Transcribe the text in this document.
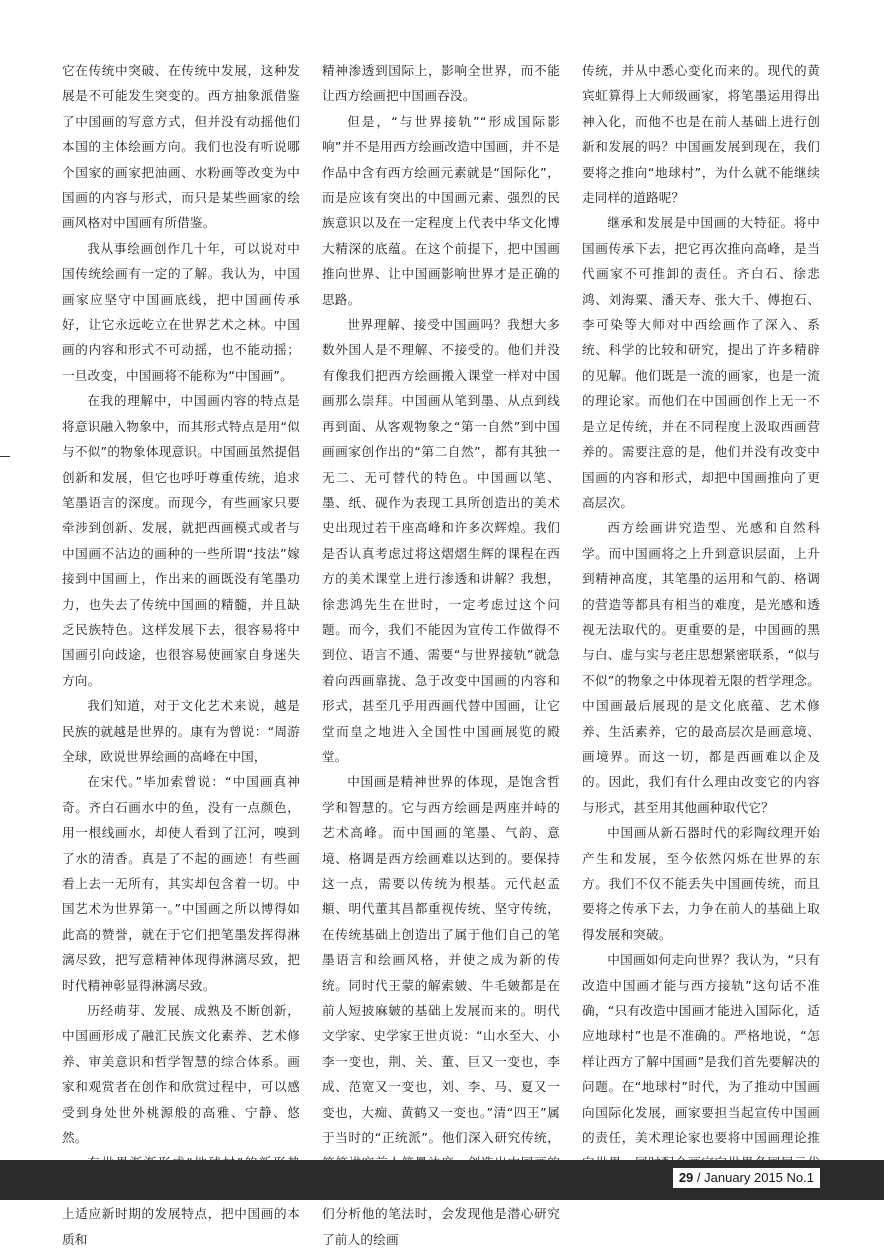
它在传统中突破、在传统中发展，这种发展是不可能发生突变的。西方抽象派借鉴了中国画的写意方式，但并没有动摇他们本国的主体绘画方向。我们也没有听说哪个国家的画家把油画、水粉画等改变为中国画的内容与形式，而只是某些画家的绘画风格对中国画有所借鉴。

我从事绘画创作几十年，可以说对中国传统绘画有一定的了解。我认为，中国画家应坚守中国画底线，把中国画传承好，让它永远屹立在世界艺术之林。中国画的内容和形式不可动摇，也不能动摇；一旦改变，中国画将不能称为“中国画”。

在我的理解中，中国画内容的特点是将意识融入物象中，而其形式特点是用“似与不似”的物象体现意识。中国画虽然提倡创新和发展，但它也呼吁尊重传统，追求笔墨语言的深度。而现今，有些画家只要牵涉到创新、发展，就把西画模式或者与中国画不沾边的画种的一些所谓“技法”嫁接到中国画上，作出来的画既没有笔墨功力，也失去了传统中国画的精髓，并且缺乏民族特色。这样发展下去，很容易将中国画引向歧途，也很容易使画家自身迷失方向。

我们知道，对于文化艺术来说，越是民族的就越是世界的。康有为曾说：“周游全球，欧说世界绘画的高峰在中国，

在宋代。”毕加索曾说：“中国画真神奇。齐白石画水中的鱼，没有一点颜色，用一根线画水，却使人看到了江河，嗅到了水的清香。真是了不起的画迹！有些画看上去一无所有，其实却包含着一切。中国艺术为世界第一。”中国画之所以博得如此高的赞誉，就在于它们把笔墨发挥得淋漓尽致，把写意精神体现得淋漓尽致，把时代精神彰显得淋漓尽致。

历经萌芽、发展、成熟及不断创新，中国画形成了融汇民族文化素养、艺术修养、审美意识和哲学智慧的综合体系。画家和观赏者在创作和欣赏过程中，可以感受到身处世外桃源般的高雅、宁静、悠然。

上适应新时期的发展特点，把中国画的本质和

精神渗透到国际上，影响全世界，而不能让西方绘画把中国画吞没。

但是，“与世界接轨”“形成国际影响”并不是用西方绘画改造中国画，并不是作品中含有西方绘画元素就是“国际化”，而是应该有突出的中国画元素、强烈的民族意识以及在一定程度上代表中华文化博大精深的底蕴。在这个前提下，把中国画推向世界、让中国画影响世界才是正确的思路。

世界理解、接受中国画吗？我想大多数外国人是不理解、不接受的。他们并没有像我们把西方绘画搬入课堂一样对中国画那么崇拜。中国画从笔到墨、从点到线再到面、从客观物象之“第一自然”到中国画画家创作出的“第二自然”，都有其独一无二、无可替代的特色。中国画以笔、墨、纸、砚作为表现工具所创造出的美术史出现过若干座高峰和许多次辉煌。我们是否认真考虑过将这熠熠生辉的课程在西方的美术课堂上进行渗透和讲解？我想，徐悲鸿先生在世时，一定考虑过这个问题。而今，我们不能因为宣传工作做得不到位、语言不通、需要“与世界接轨”就急着向西画靠拢、急于改变中国画的内容和形式，甚至几乎用西画代替中国画，让它堂而皇之地进入全国性中国画展览的殿堂。

中国画是精神世界的体现，是饱含哲学和智慧的。它与西方绘画是两座并峙的艺术高峰。而中国画的笔墨、气韵、意境、格调是西方绘画难以达到的。要保持这一点，需要以传统为根基。元代赵孟頫、明代董其昌都重视传统、坚守传统，在传统基础上创造出了属于他们自己的笔墨语言和绘画风格，并使之成为新的传统。同时代王蒙的解索皴、牛毛皴都是在前人短披麻皴的基础上发展而来的。明代文学家、史学家王世贞说：“山水至大、小李一变也，荆、关、董、巨又一变也，李成、范宽又一变也，刘、李、马、夏又一变也，大痴、黄鹤又一变也。”清“四王”属于当时的“正统派”。他们深入研究传统， 们分析他的笔法时，会发现他是潜心研究了前人的绘画

传统，并从中悉心变化而来的。现代的黄宾虹算得上大师级画家，将笔墨运用得出神入化，而他不也是在前人基础上进行创新和发展的吗？中国画发展到现在，我们要将之推向“地球村”，为什么就不能继续走同样的道路呢？

继承和发展是中国画的大特征。将中国画传承下去，把它再次推向高峰，是当代画家不可推卸的责任。齐白石、徐悲鸿、刘海粟、潘天寿、张大千、傅抱石、李可染等大师对中西绘画作了深入、系统、科学的比较和研究，提出了许多精辟的见解。他们既是一流的画家，也是一流的理论家。而他们在中国画创作上无一不是立足传统，并在不同程度上汲取西画营养的。需要注意的是，他们并没有改变中国画的内容和形式，却把中国画推向了更高层次。

西方绘画讲究造型、光感和自然科学。而中国画将之上升到意识层面，上升到精神高度，其笔墨的运用和气韵、格调的营造等都具有相当的难度，是光感和透视无法取代的。更重要的是，中国画的黑与白、虚与实与老庄思想紧密联系，“似与不似”的物象之中体现着无限的哲学理念。中国画最后展现的是文化底蕴、艺术修养、生活素养，它的最高层次是画意境、画境界。而这一切，都是西画难以企及的。因此，我们有什么理由改变它的内容与形式，甚至用其他画种取代它？

中国画从新石器时代的彩陶纹理开始产生和发展，至今依然闪烁在世界的东方。我们不仅不能丢失中国画传统，而且要将之传承下去，力争在前人的基础上取得发展和突破。

中国画如何走向世界？我认为，“只有改造中国画才能与西方接轨”这句话不准确，“只有改造中国画才能进入国际化，适应地球村”也是不准确的。严格地说，“怎样让西方了解中国画”是我们首先要解决的问题。在“地球村”时代，为了推动中国画向国际化发展，画家要担当起宣传中国画的责任，美术理论家也要将中国画理论推

29 / January 2015 No.1
